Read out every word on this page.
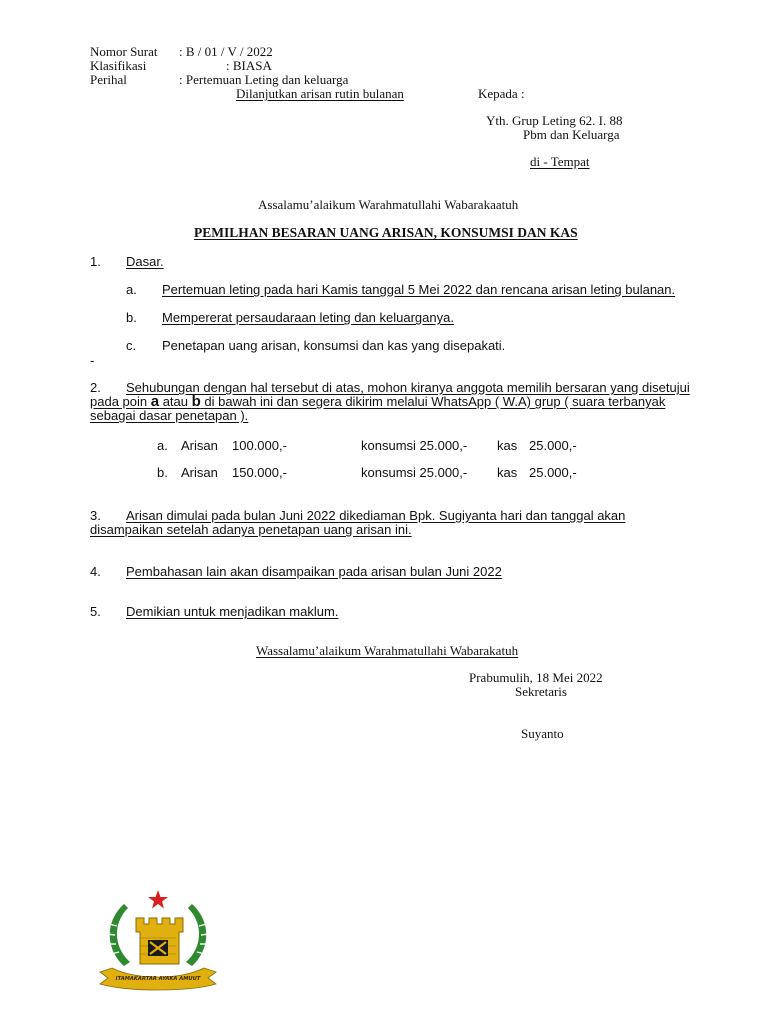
Nomor Surat : B / 01 / V / 2022
Klasifikasi	: BIASA
Perihal	: Pertemuan Leting dan keluarga
Dilanjutkan arisan rutin bulanan	Kepada :
Yth. Grup Leting 62. I. 88
Pbm dan Keluarga
di - Tempat
Assalamu’alaikum Warahmatullahi Wabarakaatuh
PEMILHAN BESARAN UANG ARISAN, KONSUMSI DAN KAS
1. Dasar.
a. Pertemuan leting pada hari Kamis tanggal 5 Mei 2022 dan rencana arisan leting bulanan.
b. Mempererat persaudaraan leting dan keluarganya.
c. Penetapan uang arisan, konsumsi dan kas yang disepakati.
-
2. Sehubungan dengan hal tersebut di atas, mohon kiranya anggota memilih bersaran yang disetujui
pada poin a atau b di bawah ini dan segera dikirim melalui WhatsApp ( W.A) grup ( suara terbanyak
sebagai dasar penetapan ).
a. Arisan 100.000,-	konsumsi 25.000,- kas 25.000,-
b. Arisan 150.000,-	konsumsi 25.000,- kas 25.000,-
3. Arisan dimulai pada bulan Juni 2022 dikediaman Bpk. Sugiyanta hari dan tanggal akan
disampaikan setelah adanya penetapan uang arisan ini.
4. Pembahasan lain akan disampaikan pada arisan bulan Juni 2022
5. Demikian untuk menjadikan maklum.
Wassalamu’alaikum Warahmatullahi Wabarakatuh
Prabumulih, 18 Mei 2022
Sekretaris
Suyanto
ITAMAKARTAR AYAKA AMUUT
